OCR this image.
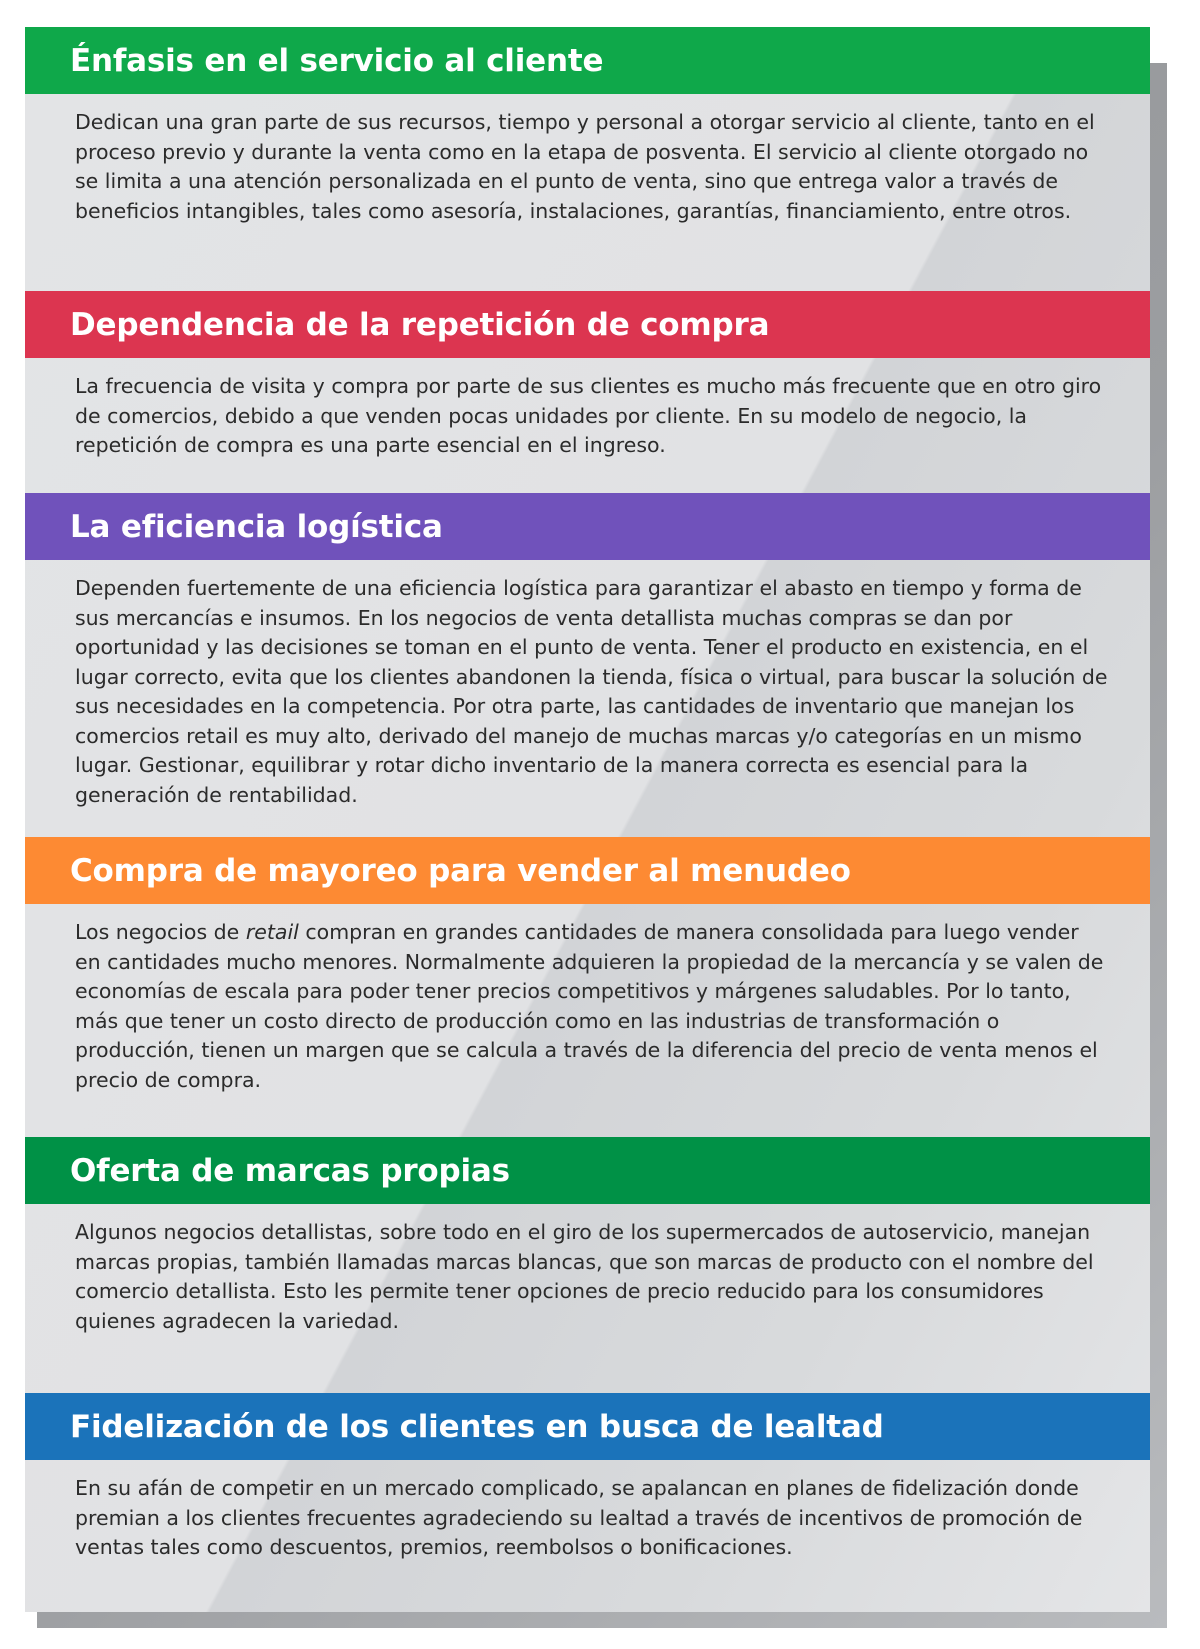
Énfasis en el servicio al cliente

Dedican una gran parte de sus recursos, tiempo y personal a otorgar servicio al cliente, tanto en el proceso previo y durante la venta como en la etapa de posventa. El servicio al cliente otorgado no se limita a una atención personalizada en el punto de venta, sino que entrega valor a través de beneficios intangibles, tales como asesoría, instalaciones, garantías, financiamiento, entre otros.

Dependencia de la repetición de compra

La frecuencia de visita y compra por parte de sus clientes es mucho más frecuente que en otro giro de comercios, debido a que venden pocas unidades por cliente. En su modelo de negocio, la repetición de compra es una parte esencial en el ingreso.

La eficiencia logística

Dependen fuertemente de una eficiencia logística para garantizar el abasto en tiempo y forma de sus mercancías e insumos. En los negocios de venta detallista muchas compras se dan por oportunidad y las decisiones se toman en el punto de venta. Tener el producto en existencia, en el lugar correcto, evita que los clientes abandonen la tienda, física o virtual, para buscar la solución de sus necesidades en la competencia. Por otra parte, las cantidades de inventario que manejan los comercios retail es muy alto, derivado del manejo de muchas marcas y/o categorías en un mismo lugar. Gestionar, equilibrar y rotar dicho inventario de la manera correcta es esencial para la generación de rentabilidad.

Compra de mayoreo para vender al menudeo

Los negocios de retail compran en grandes cantidades de manera consolidada para luego vender en cantidades mucho menores. Normalmente adquieren la propiedad de la mercancía y se valen de economías de escala para poder tener precios competitivos y márgenes saludables. Por lo tanto, más que tener un costo directo de producción como en las industrias de transformación o producción, tienen un margen que se calcula a través de la diferencia del precio de venta menos el precio de compra.

Oferta de marcas propias

Algunos negocios detallistas, sobre todo en el giro de los supermercados de autoservicio, manejan marcas propias, también llamadas marcas blancas, que son marcas de producto con el nombre del comercio detallista. Esto les permite tener opciones de precio reducido para los consumidores quienes agradecen la variedad.

Fidelización de los clientes en busca de lealtad

En su afán de competir en un mercado complicado, se apalancan en planes de fidelización donde premian a los clientes frecuentes agradeciendo su lealtad a través de incentivos de promoción de ventas tales como descuentos, premios, reembolsos o bonificaciones.
